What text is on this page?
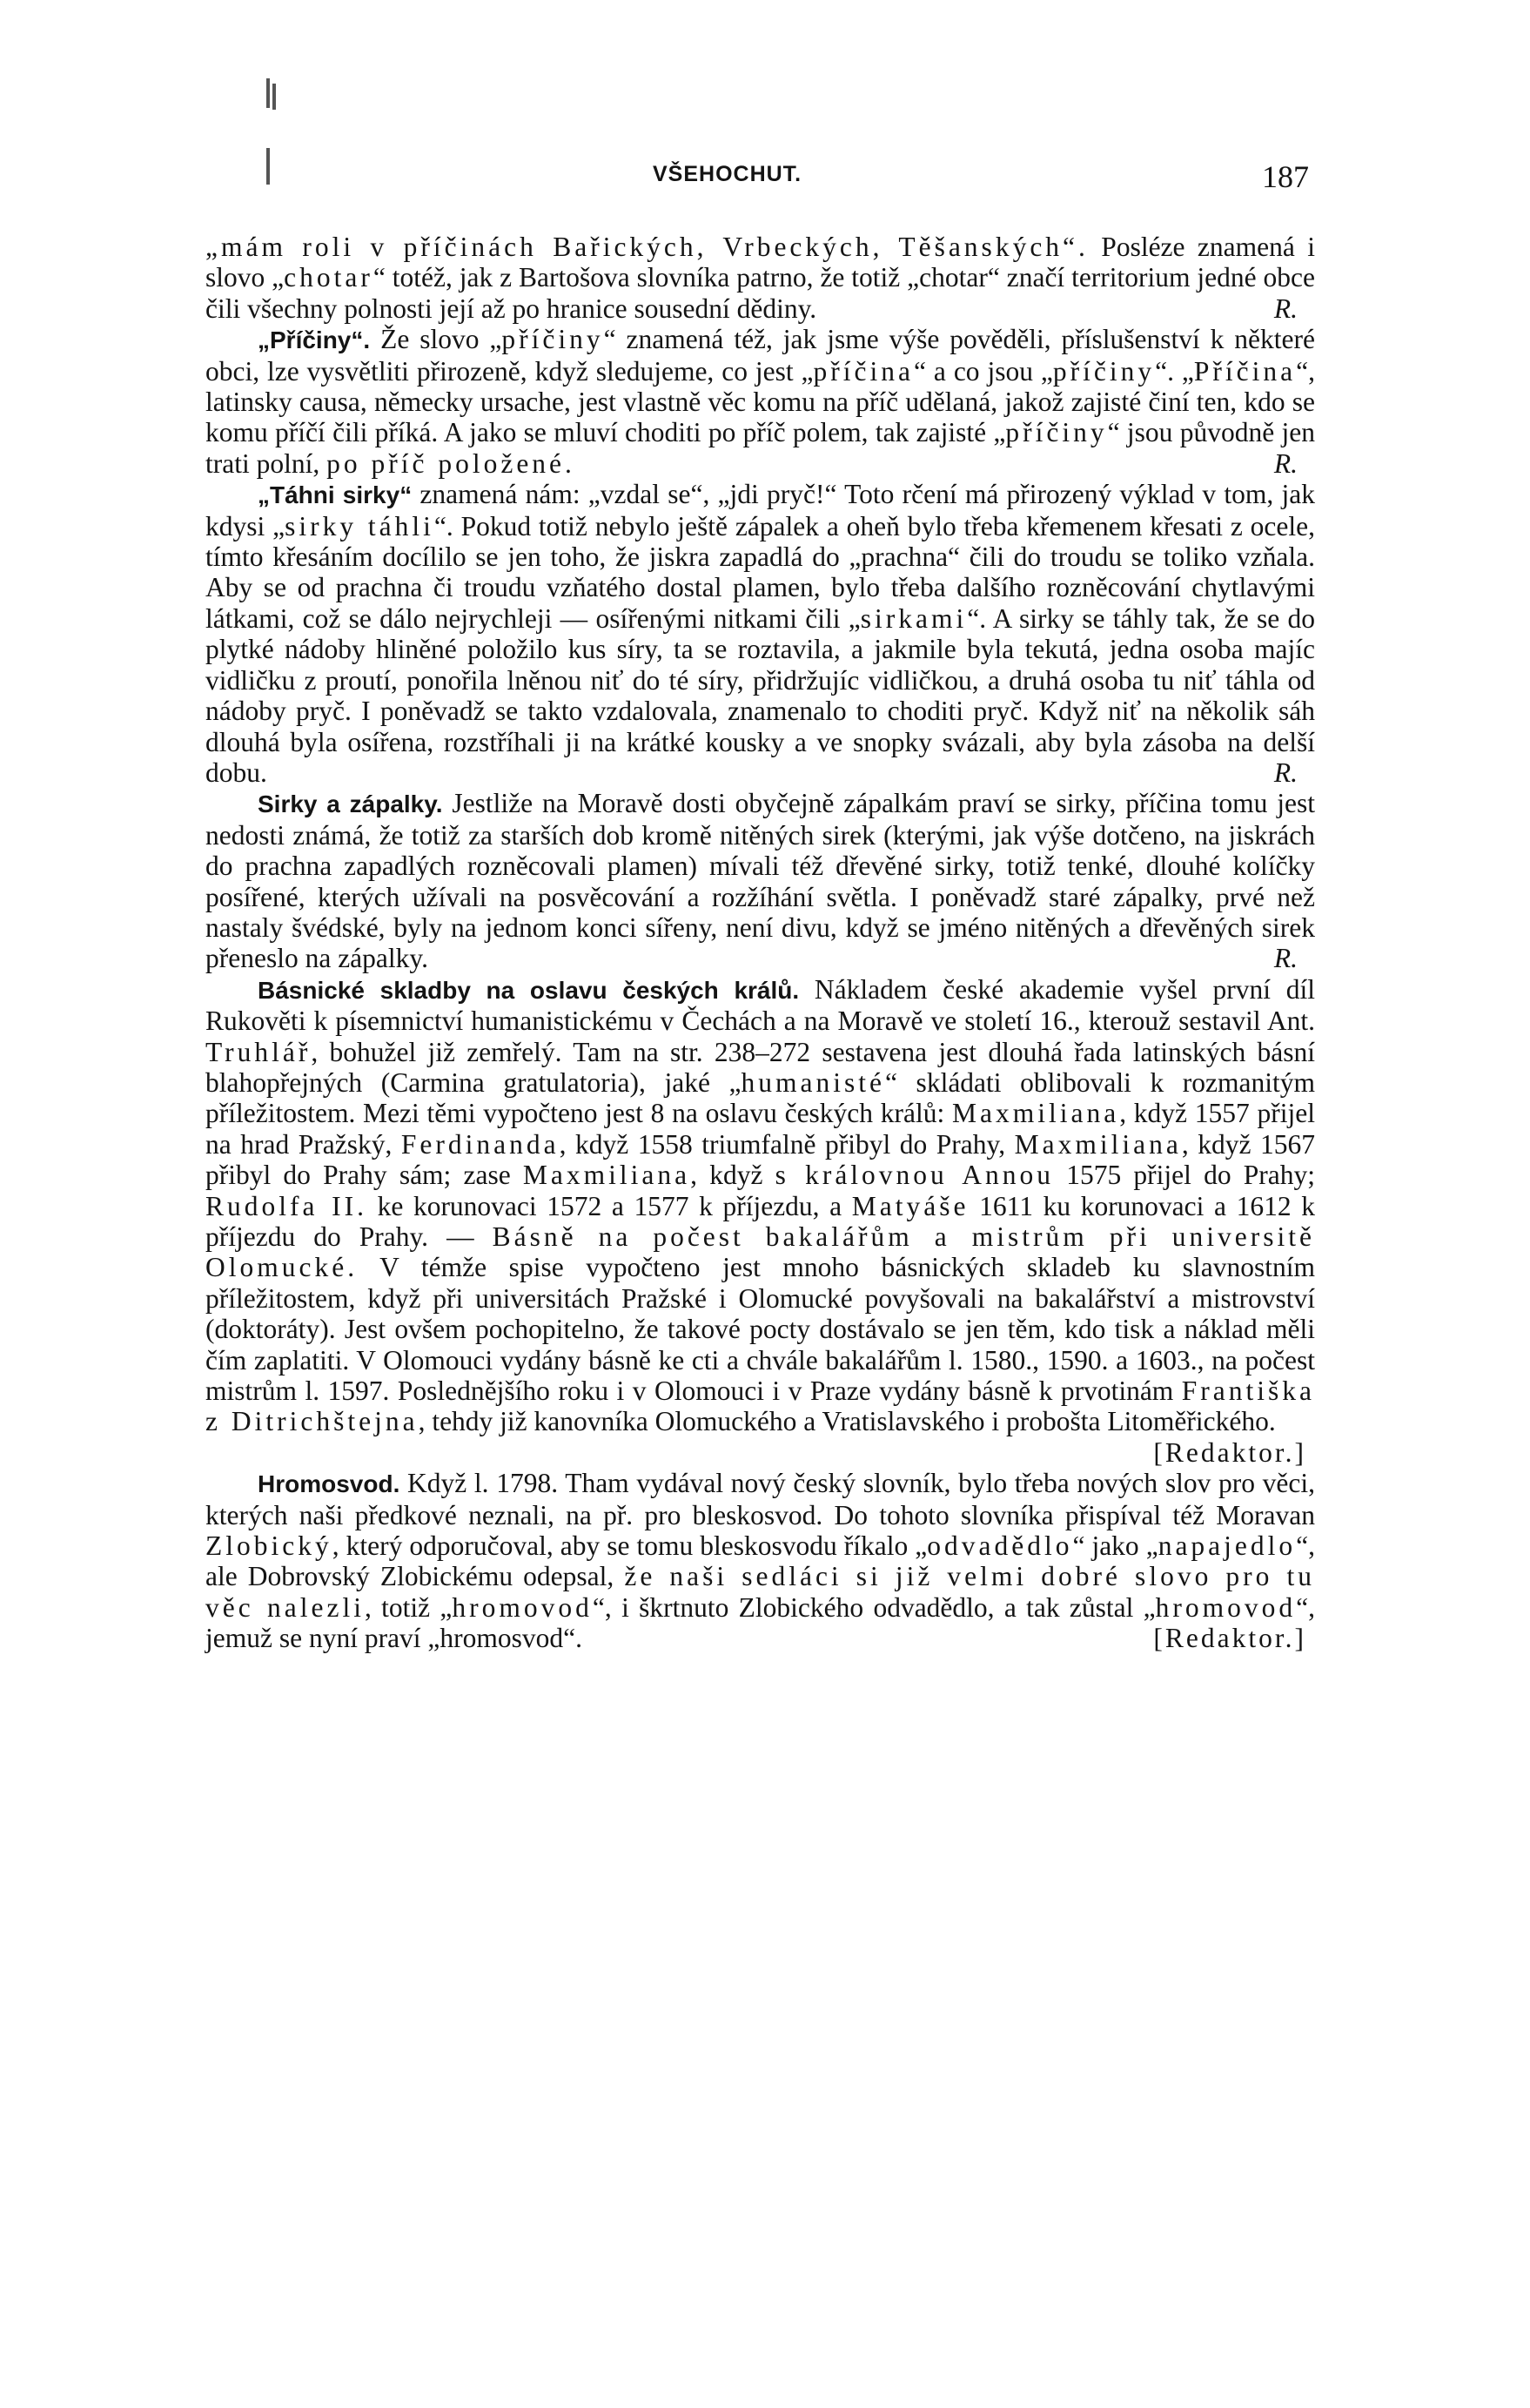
VŠEHOCHUT.	187

„mám roli v příčinách Bařických, Vrbeckých, Těšanských“. Posléze znamená i slovo „chotar“ totéž, jak z Bartošova slovníka patrno, že totiž „chotar“ značí territorium jedné obce čili všechny polnosti její až po hranice sousední dědiny.	R.

„Příčiny“. Že slovo „příčiny“ znamená též, jak jsme výše pověděli, příslušenství k některé obci, lze vysvětliti přirozeně, když sledujeme, co jest „příčina“ a co jsou „příčiny“. „Příčina“, latinsky causa, německy ursache, jest vlastně věc komu na příč udělaná, jakož zajisté činí ten, kdo se komu příčí čili příká. A jako se mluví choditi po příč polem, tak zajisté „příčiny“ jsou původně jen trati polní, po příč položené.	R.

„Táhni sirky“ znamená nám: „vzdal se“, „jdi pryč!“ Toto rčení má přirozený výklad v tom, jak kdysi „sirky táhli“. Pokud totiž nebylo ještě zápalek a oheň bylo třeba křemenem křesati z ocele, tímto křesáním docílilo se jen toho, že jiskra zapadlá do „prachna“ čili do troudu se toliko vzňala. Aby se od prachna či troudu vzňatého dostal plamen, bylo třeba dalšího rozněcování chytlavými látkami, což se dálo nejrychleji — osířenými nitkami čili „sirkami“. A sirky se táhly tak, že se do plytké nádoby hliněné položilo kus síry, ta se roztavila, a jakmile byla tekutá, jedna osoba majíc vidličku z proutí, ponořila lněnou niť do té síry, přidržujíc vidličkou, a druhá osoba tu niť táhla od nádoby pryč. I poněvadž se takto vzdalovala, znamenalo to choditi pryč. Když niť na několik sáh dlouhá byla osířena, rozstříhali ji na krátké kousky a ve snopky svázali, aby byla zásoba na delší dobu.	R.

Sirky a zápalky. Jestliže na Moravě dosti obyčejně zápalkám praví se sirky, příčina tomu jest nedosti známá, že totiž za starších dob kromě nitěných sirek (kterými, jak výše dotčeno, na jiskrách do prachna zapadlých rozněcovali plamen) mívali též dřevěné sirky, totiž tenké, dlouhé kolíčky posířené, kterých užívali na posvěcování a rozžíhání světla. I poněvadž staré zápalky, prvé než nastaly švédské, byly na jednom konci sířeny, není divu, když se jméno nitěných a dřevěných sirek přeneslo na zápalky.	R.

Básnické skladby na oslavu českých králů. Nákladem české akademie vyšel první díl Rukověti k písemnictví humanistickému v Čechách a na Moravě ve století 16., kterouž sestavil Ant. Truhlář, bohužel již zemřelý. Tam na str. 238–272 sestavena jest dlouhá řada latinských básní blahopřejných (Carmina gratulatoria), jaké „humanisté“ skládati oblibovali k rozmanitým příležitostem. Mezi těmi vypočteno jest 8 na oslavu českých králů: Maxmiliana, když 1557 přijel na hrad Pražský, Ferdinanda, když 1558 triumfalně přibyl do Prahy, Maxmiliana, když 1567 přibyl do Prahy sám; zase Maxmiliana, když s královnou Annou 1575 přijel do Prahy; Rudolfa II. ke korunovaci 1572 a 1577 k příjezdu, a Matyáše 1611 ku korunovaci a 1612 k příjezdu do Prahy. — Básně na počest bakalářům a mistrům při universitě Olomucké. V témže spise vypočteno jest mnoho básnických skladeb ku slavnostním příležitostem, když při universitách Pražské i Olomucké povyšovali na bakalářství a mistrovství (doktoráty). Jest ovšem pochopitelno, že takové pocty dostávalo se jen těm, kdo tisk a náklad měli čím zaplatiti. V Olomouci vydány básně ke cti a chvále bakalářům l. 1580., 1590. a 1603., na počest mistrům l. 1597. Poslednějšího roku i v Olomouci i v Praze vydány básně k prvotinám Františka z Ditrichštejna, tehdy již kanovníka Olomuckého a Vratislavského i probošta Litoměřického.
[Redaktor.]

Hromosvod. Když l. 1798. Tham vydával nový český slovník, bylo třeba nových slov pro věci, kterých naši předkové neznali, na př. pro bleskosvod. Do tohoto slovníka přispíval též Moravan Zlobický, který odporučoval, aby se tomu bleskosvodu říkalo „odvadědlo“ jako „napajedlo“, ale Dobrovský Zlobickému odepsal, že naši sedláci si již velmi dobré slovo pro tu věc nalezli, totiž „hromovod“, i škrtnuto Zlobického odvadědlo, a tak zůstal „hromovod“, jemuž se nyní praví „hromosvod“.	[Redaktor.]
